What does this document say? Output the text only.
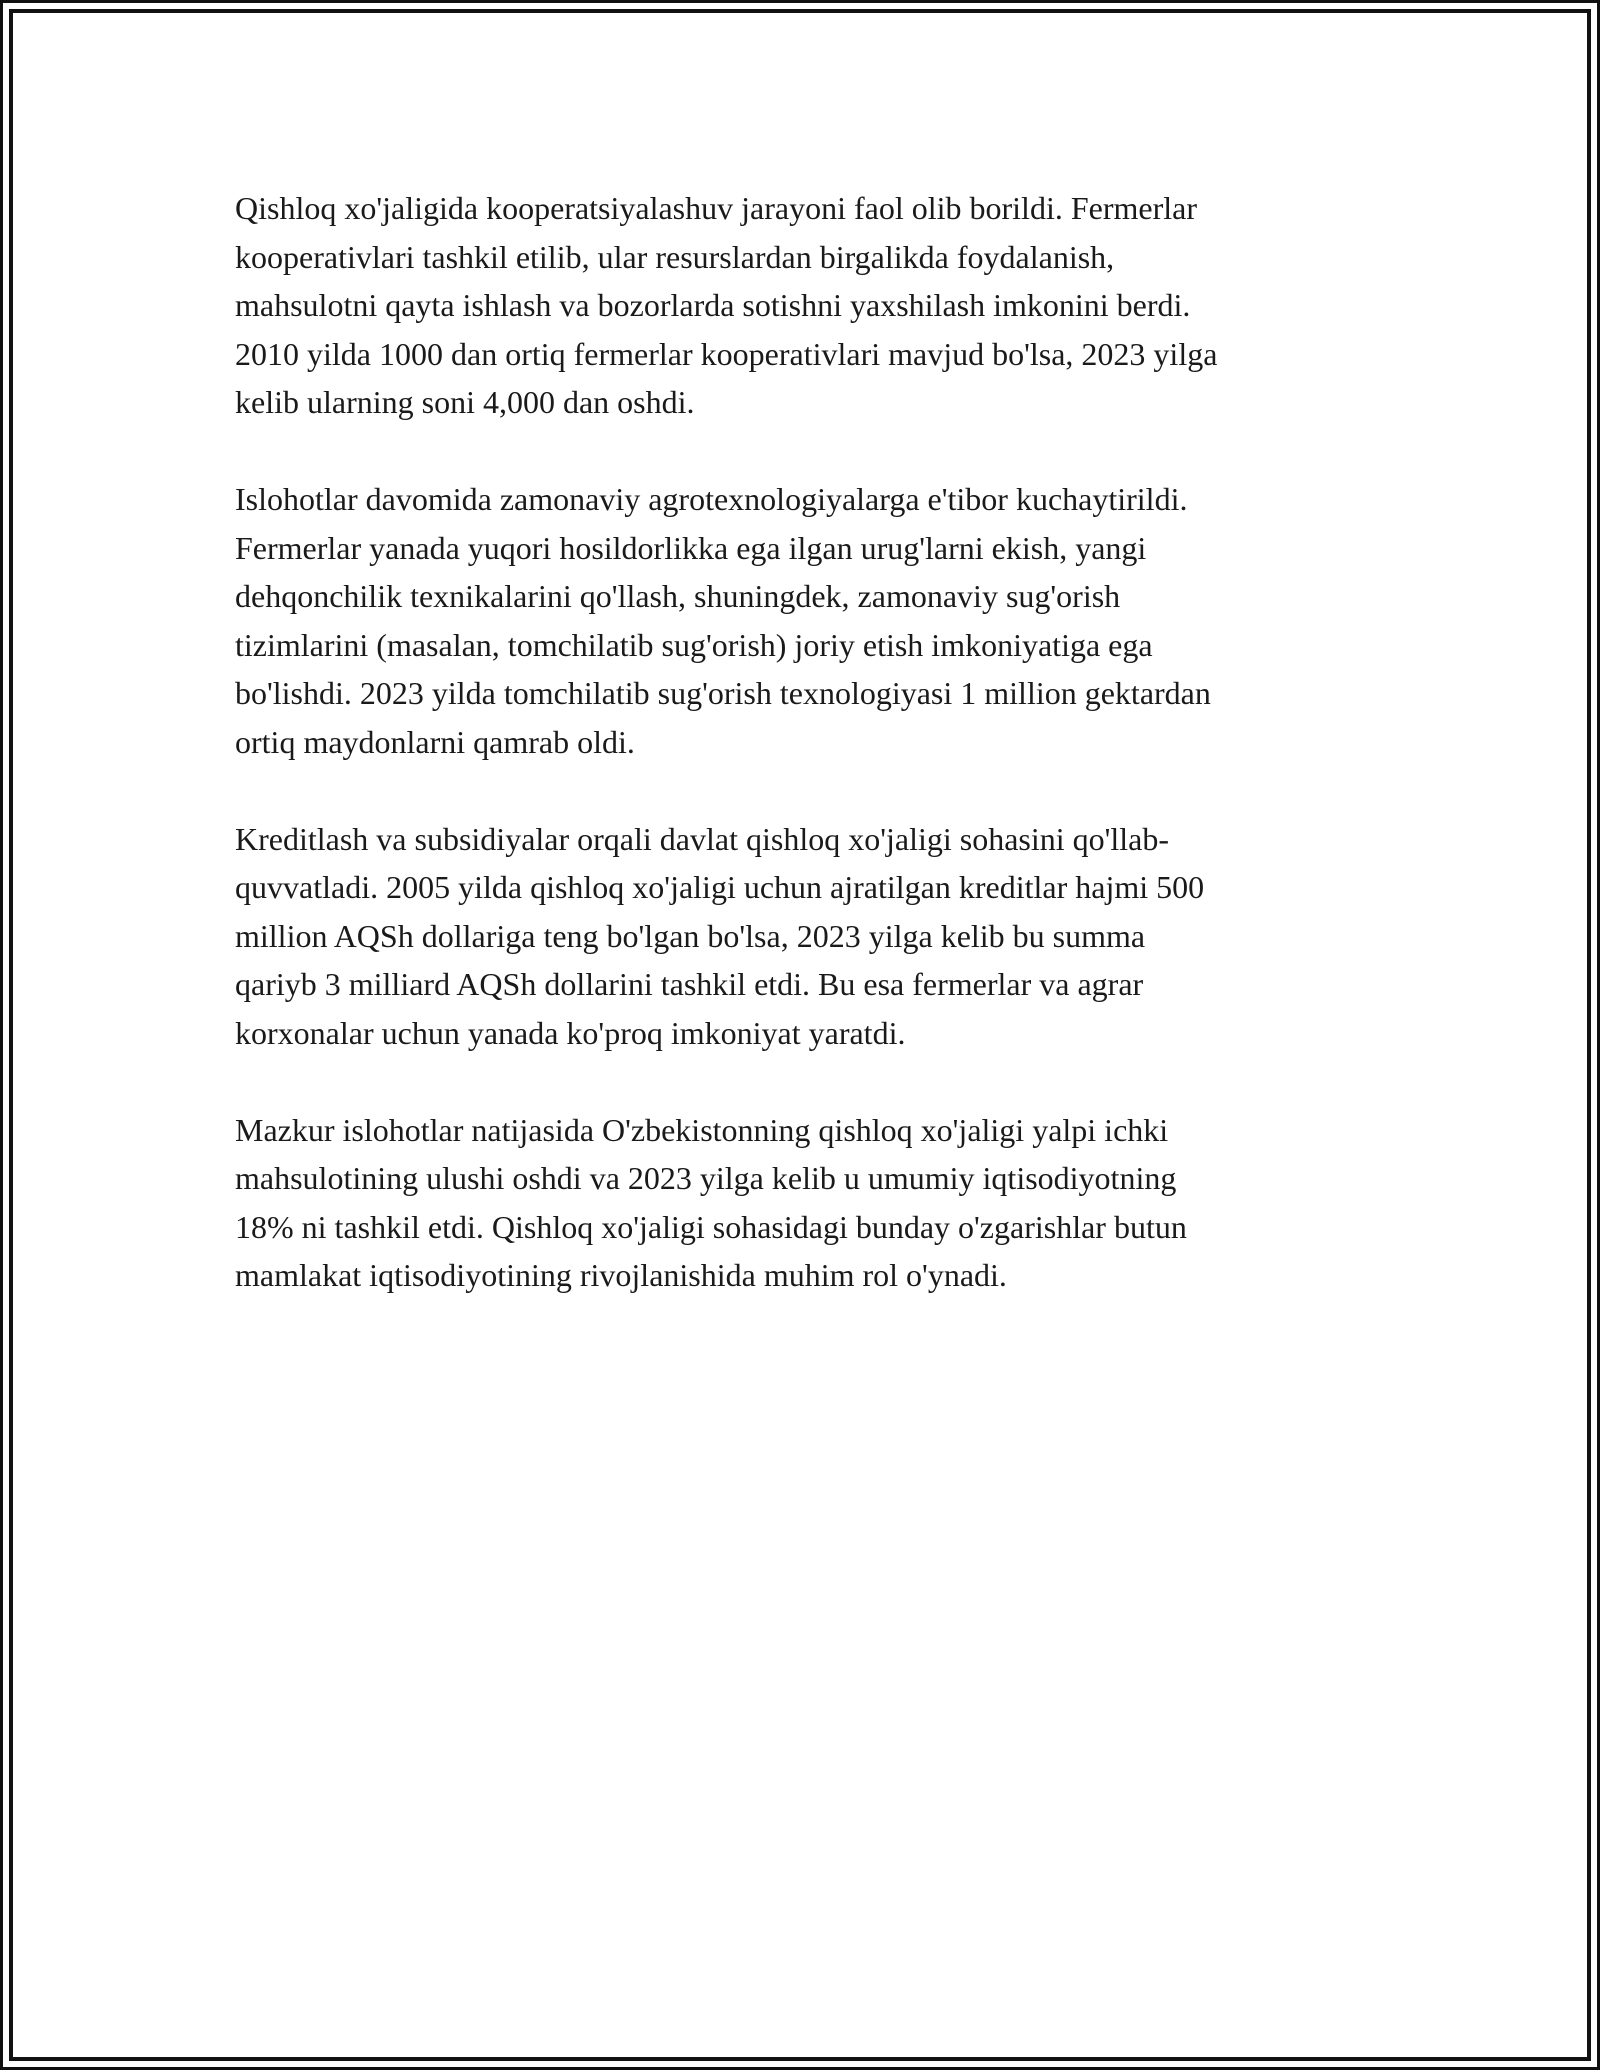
Qishloq xo'jaligida kooperatsiyalashuv jarayoni faol olib borildi. Fermerlar
kooperativlari tashkil etilib, ular resurslardan birgalikda foydalanish,
mahsulotni qayta ishlash va bozorlarda sotishni yaxshilash imkonini berdi.
2010 yilda 1000 dan ortiq fermerlar kooperativlari mavjud bo'lsa, 2023 yilga
kelib ularning soni 4,000 dan oshdi.

Islohotlar davomida zamonaviy agrotexnologiyalarga e'tibor kuchaytirildi.
Fermerlar yanada yuqori hosildorlikka ega ilgan urug'larni ekish, yangi
dehqonchilik texnikalarini qo'llash, shuningdek, zamonaviy sug'orish
tizimlarini (masalan, tomchilatib sug'orish) joriy etish imkoniyatiga ega
bo'lishdi. 2023 yilda tomchilatib sug'orish texnologiyasi 1 million gektardan
ortiq maydonlarni qamrab oldi.

Kreditlash va subsidiyalar orqali davlat qishloq xo'jaligi sohasini qo'llab-
quvvatladi. 2005 yilda qishloq xo'jaligi uchun ajratilgan kreditlar hajmi 500
million AQSh dollariga teng bo'lgan bo'lsa, 2023 yilga kelib bu summa
qariyb 3 milliard AQSh dollarini tashkil etdi. Bu esa fermerlar va agrar
korxonalar uchun yanada ko'proq imkoniyat yaratdi.

Mazkur islohotlar natijasida O'zbekistonning qishloq xo'jaligi yalpi ichki
mahsulotining ulushi oshdi va 2023 yilga kelib u umumiy iqtisodiyotning
18% ni tashkil etdi. Qishloq xo'jaligi sohasidagi bunday o'zgarishlar butun
mamlakat iqtisodiyotining rivojlanishida muhim rol o'ynadi.
